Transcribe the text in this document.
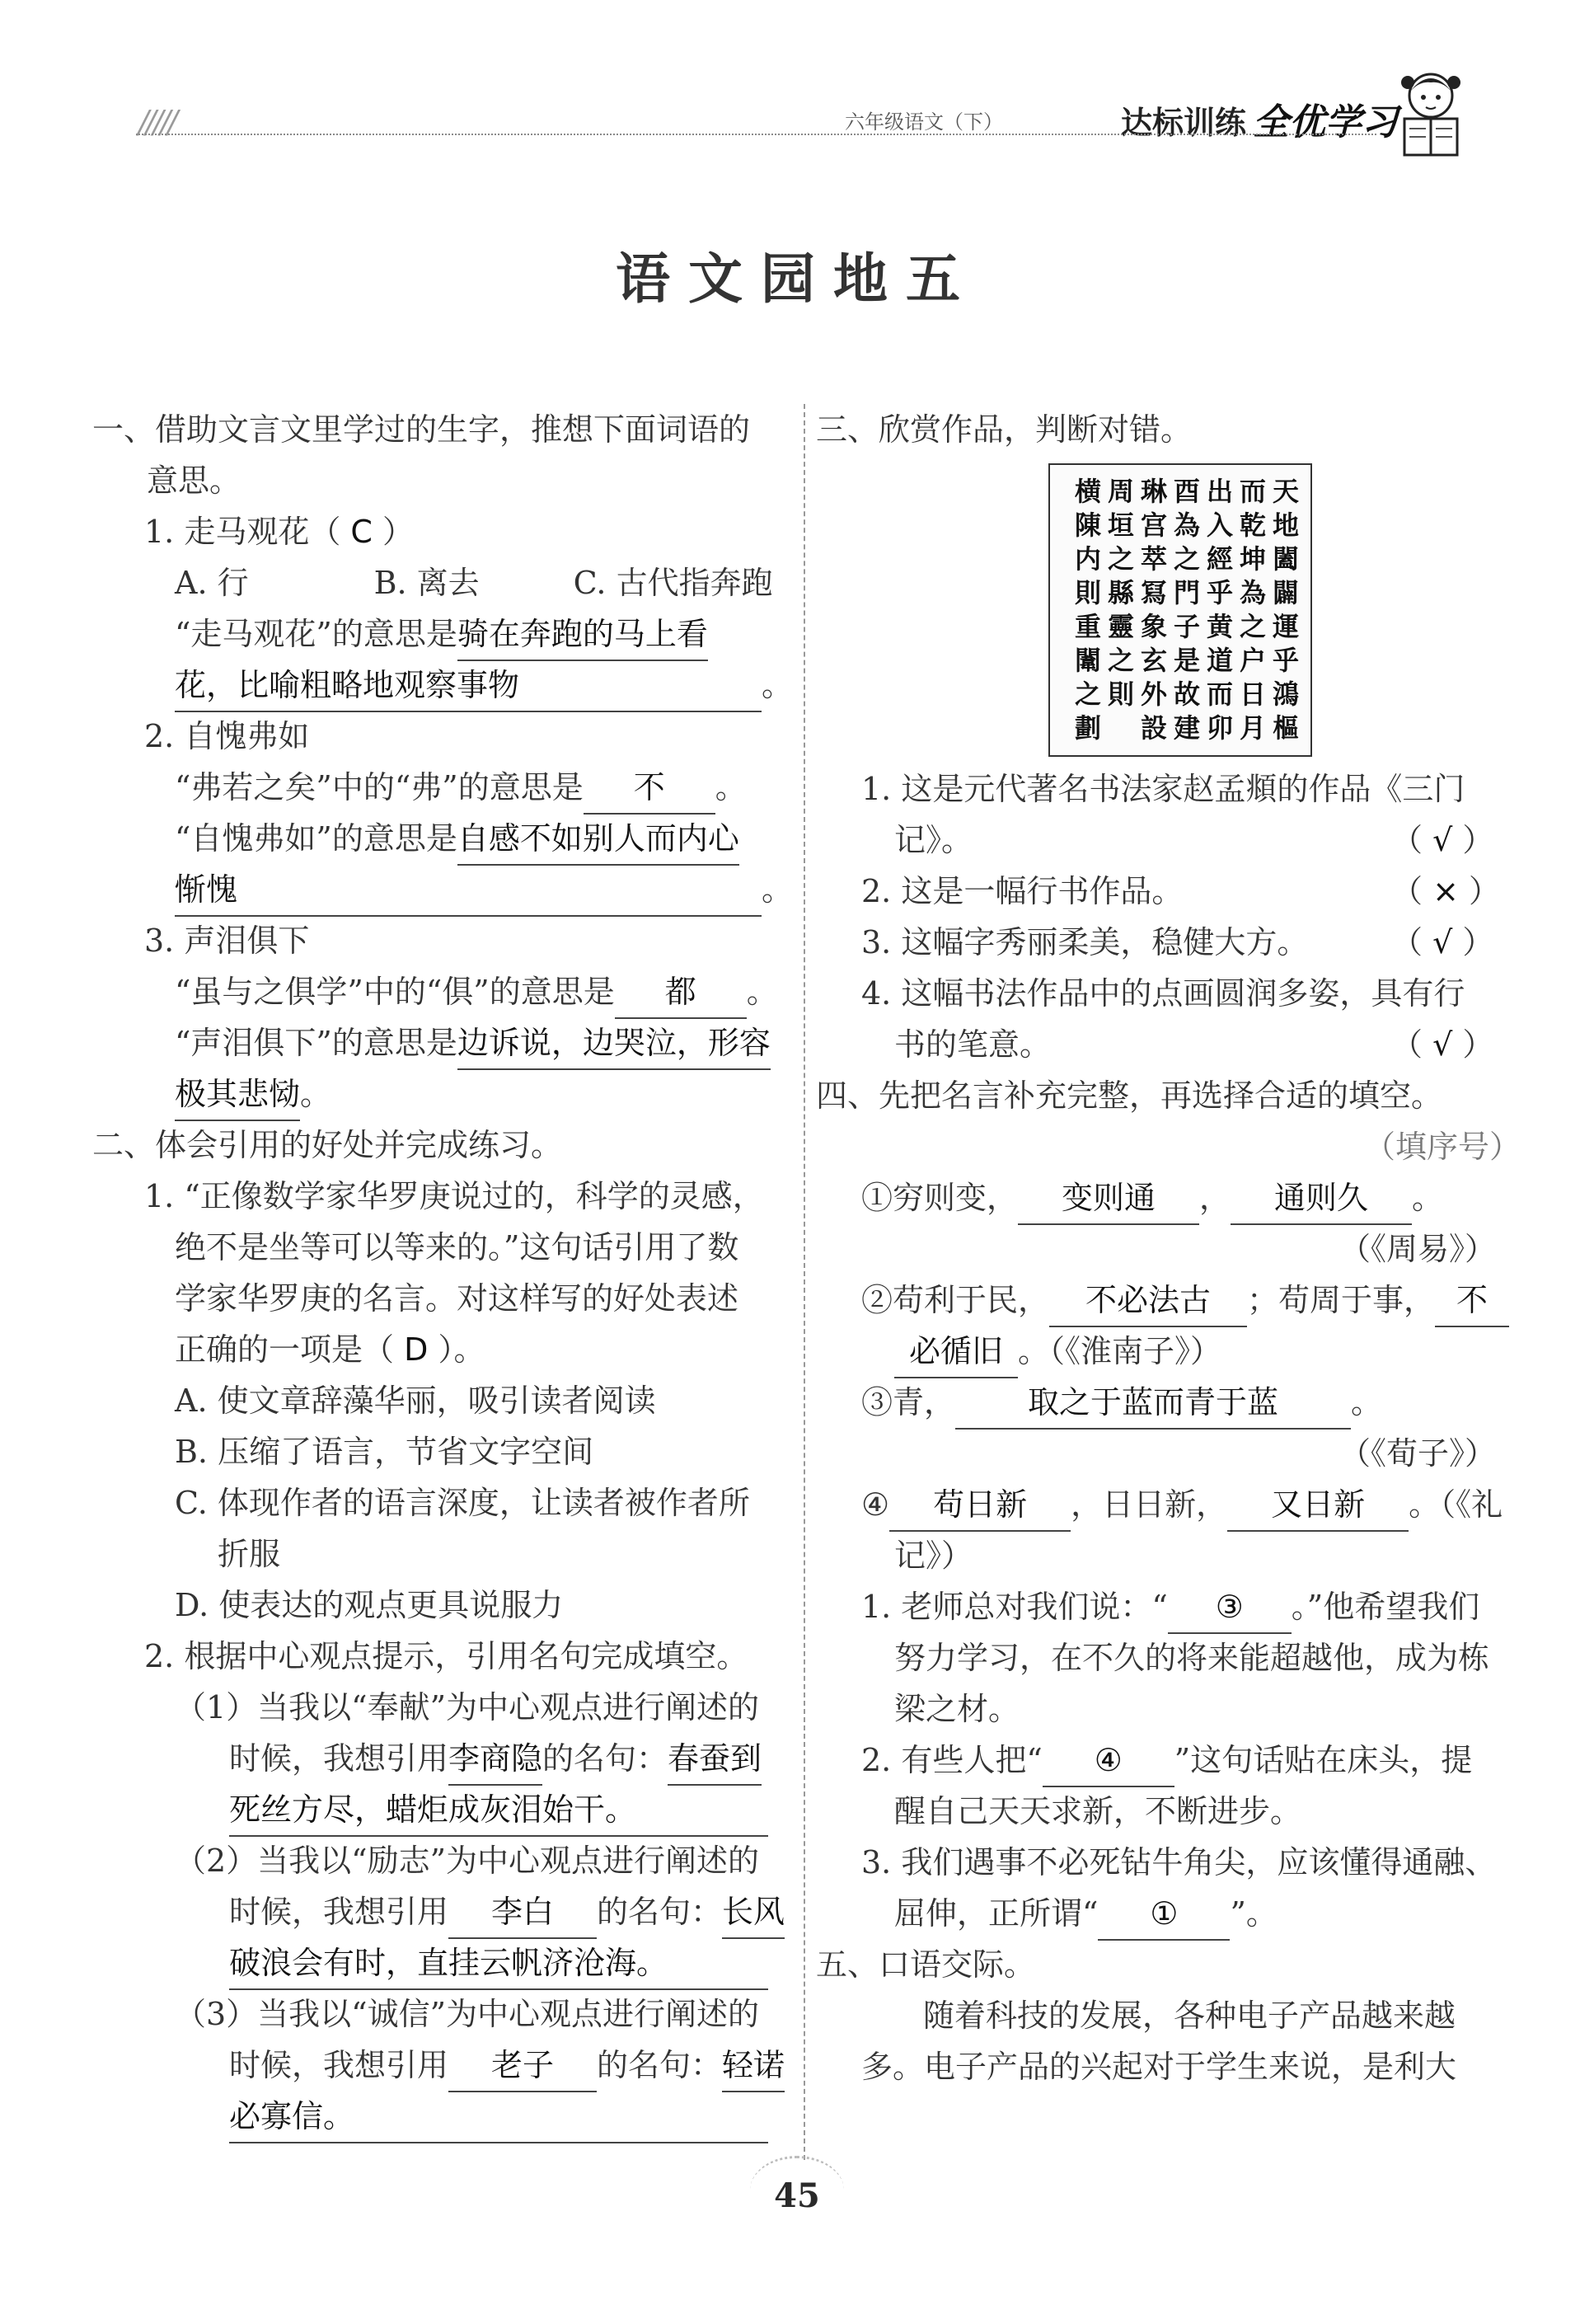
/////	六年级语文（下）	达标训练 全优学习
语文园地五
一、借助文言文里学过的生字，推想下面词语的
意思。
1. 走马观花（ C ）
A. 行　　　　B. 离去　　　C. 古代指奔跑
“走马观花”的意思是骑在奔跑的马上看
花，比喻粗略地观察事物	。
2. 自愧弗如
“弗若之矣”中的“弗”的意思是 不 。
“自愧弗如”的意思是自感不如别人而内心
惭愧	。
3. 声泪俱下
“虽与之俱学”中的“俱”的意思是 都 。
“声泪俱下”的意思是边诉说，边哭泣，形容
极其悲恸。
二、体会引用的好处并完成练习。
1. “正像数学家华罗庚说过的，科学的灵感，
绝不是坐等可以等来的。”这句话引用了数
学家华罗庚的名言。对这样写的好处表述
正确的一项是（ D ）。
A. 使文章辞藻华丽，吸引读者阅读
B. 压缩了语言，节省文字空间
C. 体现作者的语言深度，让读者被作者所
折服
D. 使表达的观点更具说服力
2. 根据中心观点提示，引用名句完成填空。
（1）当我以“奉献”为中心观点进行阐述的
时候，我想引用李商隐的名句：春蚕到
死丝方尽，蜡炬成灰泪始干。
（2）当我以“励志”为中心观点进行阐述的
时候，我想引用 李白 的名句：长风
破浪会有时，直挂云帆济沧海。
（3）当我以“诚信”为中心观点进行阐述的
时候，我想引用 老子 的名句：轻诺
必寡信。
三、欣赏作品，判断对错。
天
地
闔
闢
運
乎
鴻
樞
而
乾
坤
為
之
户
日
月
出
入
經
乎
黄
道
而
卯
酉
為
之
門
子
是
故
建
琳
宫
萃
冩
象
玄
外
設
周
垣
之
縣
靈
之
則
横
陳
内
則
重
闈
之
劃
1. 这是元代著名书法家赵孟頫的作品《三门
记》。	（ √ ）
2. 这是一幅行书作品。	（ × ）
3. 这幅字秀丽柔美，稳健大方。	（ √ ）
4. 这幅书法作品中的点画圆润多姿，具有行
书的笔意。	（ √ ）
四、先把名言补充完整，再选择合适的填空。
（填序号）
①穷则变， 变则通 ， 通则久 。
（《周易》）
②苟利于民， 不必法古 ；苟周于事， 不
必循旧 。（《淮南子》）
③青， 取之于蓝而青于蓝 。
（《荀子》）
④ 苟日新 ，日日新， 又日新 。（《礼
记》）
1. 老师总对我们说：“ ③ 。”他希望我们
努力学习，在不久的将来能超越他，成为栋
梁之材。
2. 有些人把“ ④ ”这句话贴在床头，提
醒自己天天求新，不断进步。
3. 我们遇事不必死钻牛角尖，应该懂得通融、
屈伸，正所谓“ ① ”。
五、口语交际。
随着科技的发展，各种电子产品越来越
多。电子产品的兴起对于学生来说，是利大
45
